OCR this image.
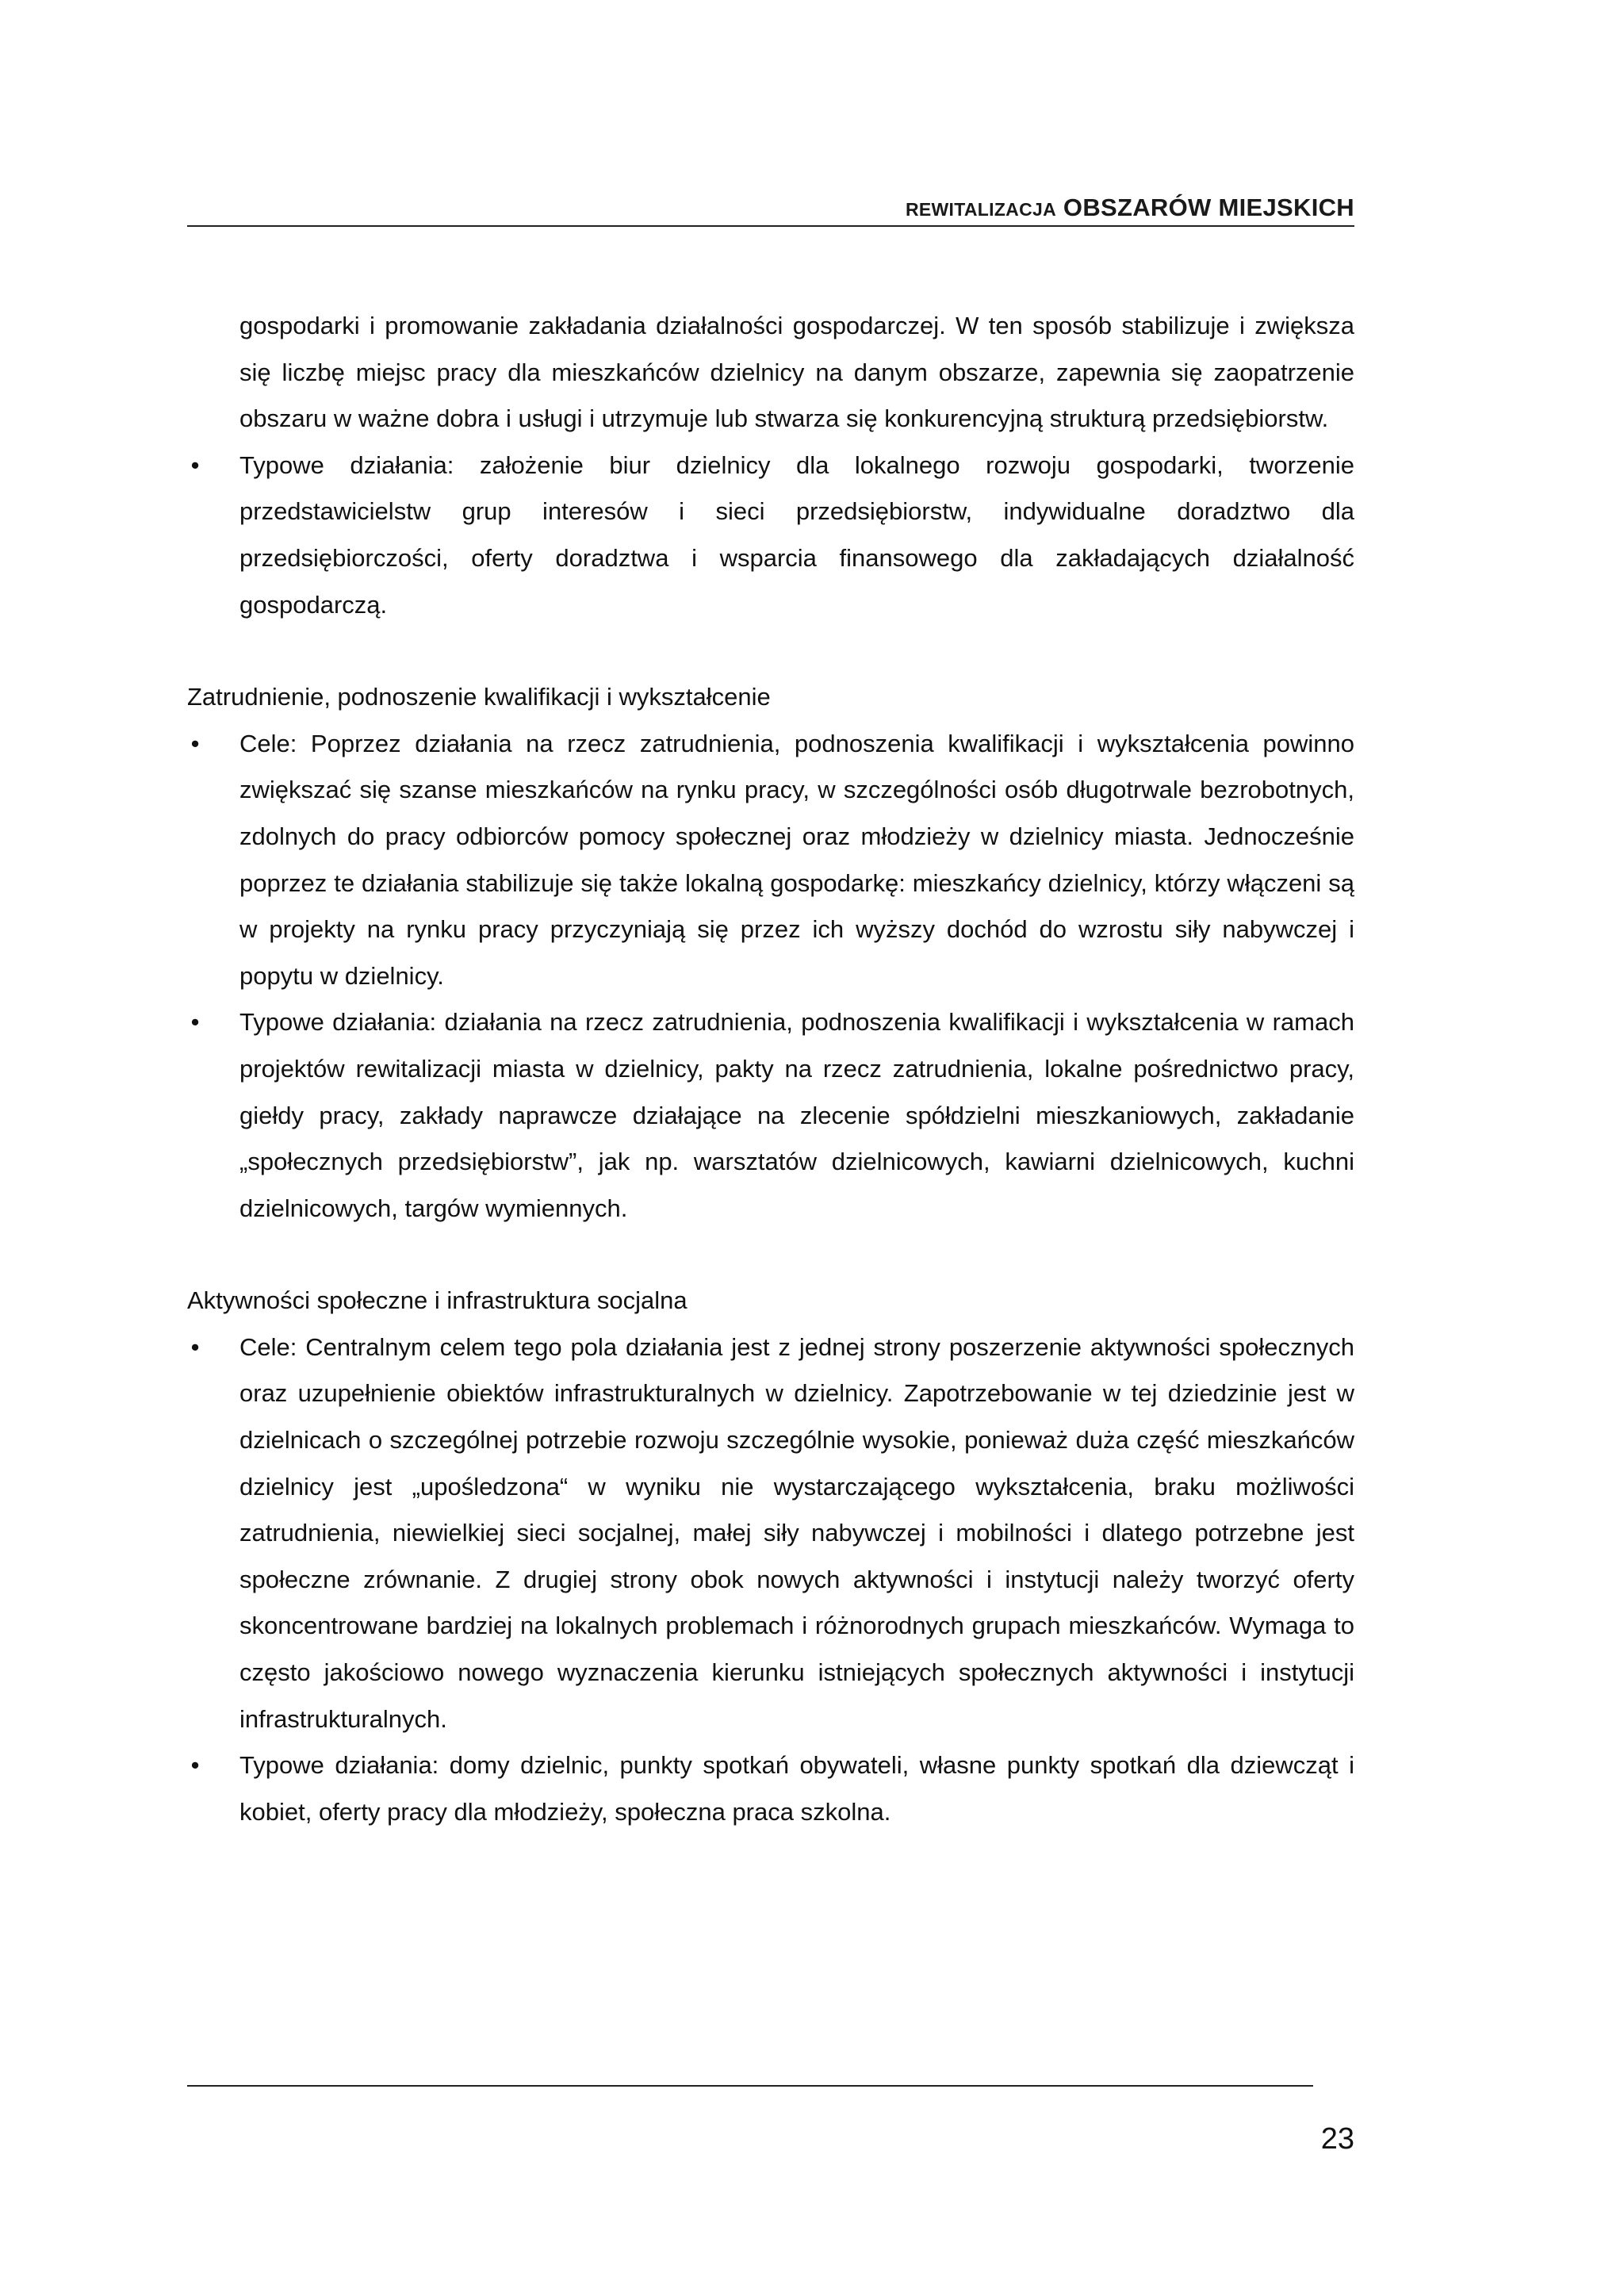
REWITALIZACJA OBSZARÓW MIEJSKICH

gospodarki i promowanie zakładania działalności gospodarczej. W ten sposób stabilizuje i zwiększa się liczbę miejsc pracy dla mieszkańców dzielnicy na danym obszarze, zapewnia się zaopatrzenie obszaru w ważne dobra i usługi i utrzymuje lub stwarza się konkurencyjną strukturą przedsiębiorstw.

• Typowe działania: założenie biur dzielnicy dla lokalnego rozwoju gospodarki, tworzenie przedstawicielstw grup interesów i sieci przedsiębiorstw, indywidualne doradztwo dla przedsiębiorczości, oferty doradztwa i wsparcia finansowego dla zakładających działalność gospodarczą.

Zatrudnienie, podnoszenie kwalifikacji i wykształcenie

• Cele: Poprzez działania na rzecz zatrudnienia, podnoszenia kwalifikacji i wykształcenia powinno zwiększać się szanse mieszkańców na rynku pracy, w szczególności osób długotrwale bezrobotnych, zdolnych do pracy odbiorców pomocy społecznej oraz młodzieży w dzielnicy miasta. Jednocześnie poprzez te działania stabilizuje się także lokalną gospodarkę: mieszkańcy dzielnicy, którzy włączeni są w projekty na rynku pracy przyczyniają się przez ich wyższy dochód do wzrostu siły nabywczej i popytu w dzielnicy.
• Typowe działania: działania na rzecz zatrudnienia, podnoszenia kwalifikacji i wykształcenia w ramach projektów rewitalizacji miasta w dzielnicy, pakty na rzecz zatrudnienia, lokalne pośrednictwo pracy, giełdy pracy, zakłady naprawcze działające na zlecenie spółdzielni mieszkaniowych, zakładanie „społecznych przedsiębiorstw”, jak np. warsztatów dzielnicowych, kawiarni dzielnicowych, kuchni dzielnicowych, targów wymiennych.

Aktywności społeczne i infrastruktura socjalna

• Cele: Centralnym celem tego pola działania jest z jednej strony poszerzenie aktywności społecznych oraz uzupełnienie obiektów infrastrukturalnych w dzielnicy. Zapotrzebowanie w tej dziedzinie jest w dzielnicach o szczególnej potrzebie rozwoju szczególnie wysokie, ponieważ duża część mieszkańców dzielnicy jest „upośledzona“ w wyniku nie wystarczającego wykształcenia, braku możliwości zatrudnienia, niewielkiej sieci socjalnej, małej siły nabywczej i mobilności i dlatego potrzebne jest społeczne zrównanie. Z drugiej strony obok nowych aktywności i instytucji należy tworzyć oferty skoncentrowane bardziej na lokalnych problemach i różnorodnych grupach mieszkańców. Wymaga to często jakościowo nowego wyznaczenia kierunku istniejących społecznych aktywności i instytucji infrastrukturalnych.
• Typowe działania: domy dzielnic, punkty spotkań obywateli, własne punkty spotkań dla dziewcząt i kobiet, oferty pracy dla młodzieży, społeczna praca szkolna.
23
